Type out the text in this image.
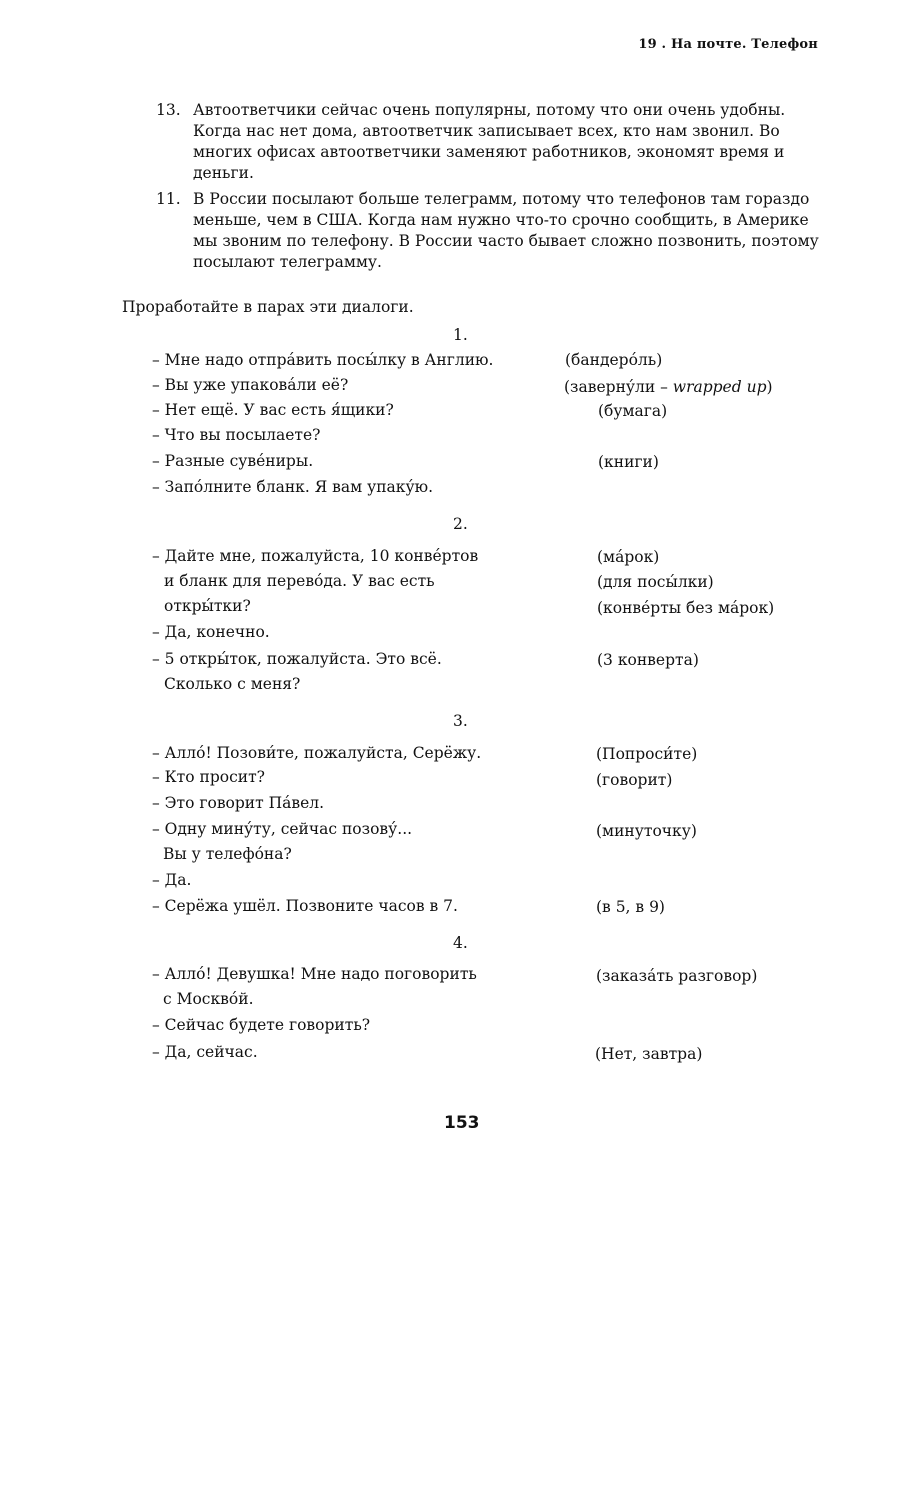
19 . На почте. Телефон
13. Автоответчики сейчас очень популярны, потому что они очень удобны. Когда нас нет дома, автоответчик записывает всех, кто нам звонил. Во многих офисах автоответчики заменяют работников, экономят время и деньги.
11. В России посылают больше телеграмм, потому что телефонов там гораздо меньше, чем в США. Когда нам нужно что-то срочно сообщить, в Америке мы звоним по телефону. В России часто бывает сложно позвонить, поэтому посылают телеграмму.
Проработайте в парах эти диалоги.
1.
– Мне надо отпра́вить посы́лку в Англию.
– Вы уже упакова́ли её?
– Нет ещё. У вас есть я́щики?
– Что вы посылаете?
– Разные суве́ниры.
– Запо́лните бланк. Я вам упаку́ю.
(бандеро́ль)
(заверну́ли – wrapped up)
(бумага)
(книги)
2.
– Дайте мне, пожалуйста, 10 конве́ртов
и бланк для перево́да. У вас есть
откры́тки?
– Да, конечно.
– 5 откры́ток, пожалуйста. Это всё.
Сколько с меня?
(ма́рок)
(для посы́лки)
(конве́рты без ма́рок)
(3 конверта)
3.
– Алло́! Позови́те, пожалуйста, Серёжу.
– Кто просит?
– Это говорит Па́вел.
– Одну мину́ту, сейчас позову́...
Вы у телефо́на?
– Да.
– Серёжа ушёл. Позвоните часов в 7.
(Попроси́те)
(говорит)
(минуточку)
(в 5, в 9)
4.
– Алло́! Девушка! Мне надо поговорить
с Москво́й.
– Сейчас будете говорить?
– Да, сейчас.
(заказа́ть разговор)
(Нет, завтра)
153
